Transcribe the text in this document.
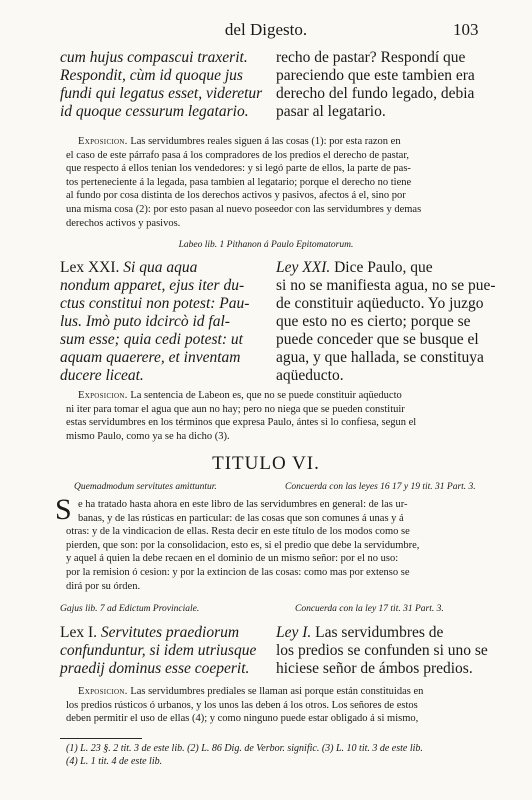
del Digesto.	103
cum hujus compascui traxerit.
Respondit, cùm id quoque jus
fundi qui legatus esset, videretur
id quoque cessurum legatario.
recho de pastar? Respondí que
pareciendo que este tambien era
derecho del fundo legado, debia
pasar al legatario.
Exposicion. Las servidumbres reales siguen á las cosas (1): por esta razon en
el caso de este párrafo pasa á los compradores de los predios el derecho de pastar,
que respecto á ellos tenian los vendedores: y si legó parte de ellos, la parte de pas-
tos perteneciente á la legada, pasa tambien al legatario; porque el derecho no tiene
al fundo por cosa distinta de los derechos activos y pasivos, afectos á el, sino por
una misma cosa (2): por esto pasan al nuevo poseedor con las servidumbres y demas
derechos activos y pasivos.
Labeo lib. 1 Pithanon á Paulo Epitomatorum.
Lex XXI. Si qua aqua
nondum apparet, ejus iter du-
ctus constitui non potest: Pau-
lus. Imò puto idcircò id fal-
sum esse; quia cedi potest: ut
aquam quaerere, et inventam
ducere liceat.
Ley XXI. Dice Paulo, que
si no se manifiesta agua, no se pue-
de constituir aqüeducto. Yo juzgo
que esto no es cierto; porque se
puede conceder que se busque el
agua, y que hallada, se constituya
aqüeducto.
Exposicion. La sentencia de Labeon es, que no se puede constituir aqüeducto
ni iter para tomar el agua que aun no hay; pero no niega que se pueden constituir
estas servidumbres en los términos que expresa Paulo, ántes si lo confiesa, segun el
mismo Paulo, como ya se ha dicho (3).
TITULO VI.
Quemadmodum servitutes amittuntur.	Concuerda con las leyes 16 17 y 19 tit. 31 Part. 3.
S e ha tratado hasta ahora en este libro de las servidumbres en general: de las ur-
banas, y de las rústicas en particular: de las cosas que son comunes á unas y á
otras: y de la vindicacion de ellas. Resta decir en este título de los modos como se
pierden, que son: por la consolidacion, esto es, si el predio que debe la servidumbre,
y aquel á quien la debe recaen en el dominio de un mismo señor: por el no uso:
por la remision ó cesion: y por la extincion de las cosas: como mas por extenso se
dirá por su órden.
Gajus lib. 7 ad Edictum Provinciale.	Concuerda con la ley 17 tit. 31 Part. 3.
Lex I. Servitutes praediorum
confunduntur, si idem utriusque
praedij dominus esse coeperit.
Ley I. Las servidumbres de
los predios se confunden si uno se
hiciese señor de ámbos predios.
Exposicion. Las servidumbres prediales se llaman asi porque están constituidas en
los predios rústicos ó urbanos, y los unos las deben á los otros. Los señores de estos
deben permitir el uso de ellas (4); y como ninguno puede estar obligado á si mismo,
(1) L. 23 §. 2 tit. 3 de este lib. (2) L. 86 Dig. de Verbor. signific. (3) L. 10 tit. 3 de este lib.
(4) L. 1 tit. 4 de este lib.
